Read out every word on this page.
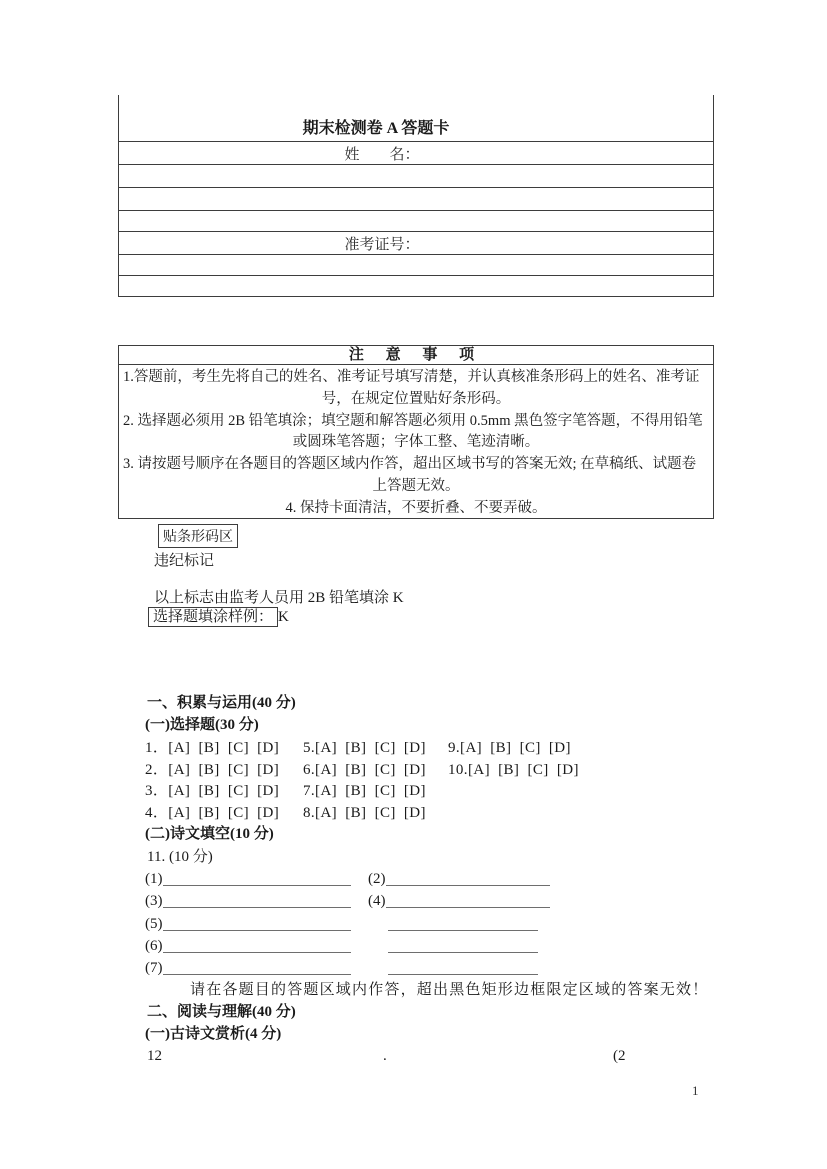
期末检测卷 A 答题卡
姓　　名：
准考证号：
注 意 事 项
1.答题前，考生先将自己的姓名、准考证号填写清楚，并认真核准条形码上的姓名、准考证
号，在规定位置贴好条形码。
2. 选择题必须用 2B 铅笔填涂；填空题和解答题必须用 0.5mm 黑色签字笔答题，不得用铅笔
或圆珠笔答题；字体工整、笔迹清晰。
3. 请按题号顺序在各题目的答题区域内作答，超出区域书写的答案无效; 在草稿纸、试题卷
上答题无效。
4. 保持卡面清洁，不要折叠、不要弄破。
贴条形码区
违纪标记
以上标志由监考人员用 2B 铅笔填涂 K
选择题填涂样例： K
一、积累与运用(40 分)
(一)选择题(30 分)
1．[A] [B] [C] [D] 5.[A] [B] [C] [D] 9.[A] [B] [C] [D]
2．[A] [B] [C] [D] 6.[A] [B] [C] [D] 10.[A] [B] [C] [D]
3．[A] [B] [C] [D] 7.[A] [B] [C] [D]
4．[A] [B] [C] [D] 8.[A] [B] [C] [D]
(二)诗文填空(10 分)
11. (10 分)
(1)	(2)
(3)	(4)
(5)
(6)
(7)
请在各题目的答题区域内作答，超出黑色矩形边框限定区域的答案无效！
二、阅读与理解(40 分)
(一)古诗文赏析(4 分)
12	.	(2
1
